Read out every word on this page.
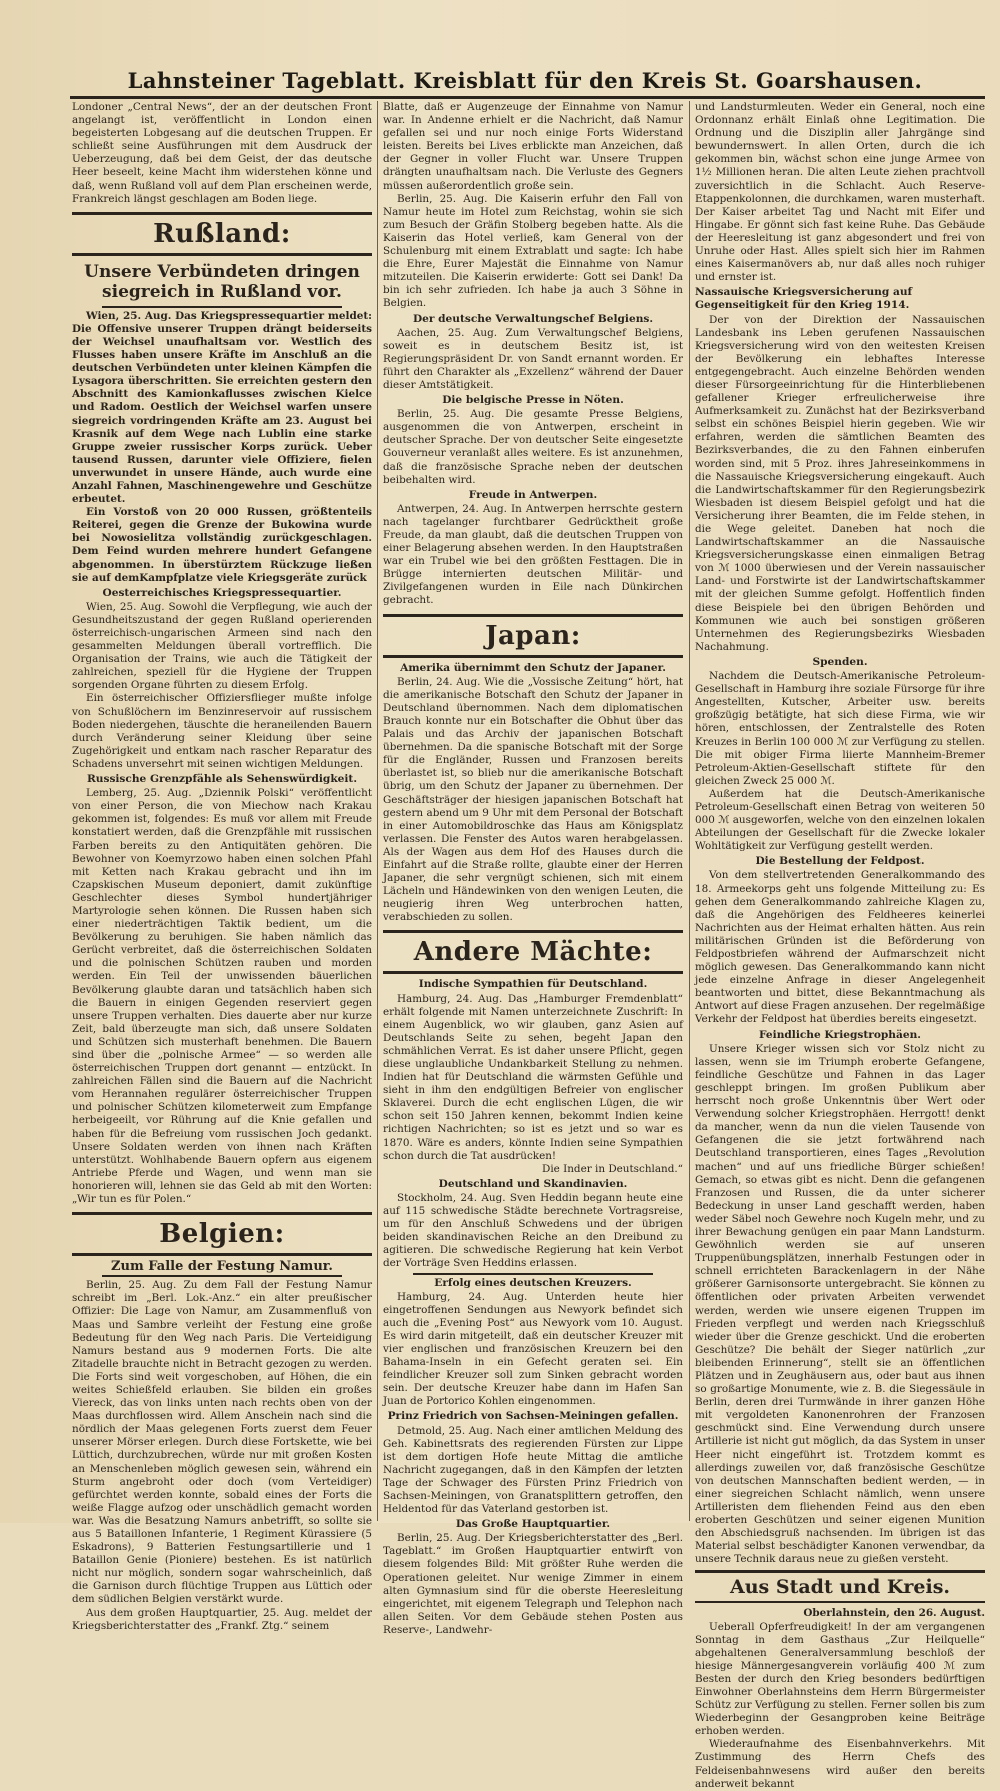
Lahnsteiner Tageblatt. Kreisblatt für den Kreis St. Goarshausen.

Londoner „Central News“, der an der deutschen Front angelangt ist, veröffentlicht in London einen begeisterten Lobgesang auf die deutschen Truppen. Er schließt seine Ausführungen mit dem Ausdruck der Ueberzeugung, daß bei dem Geist, der das deutsche Heer beseelt, keine Macht ihm widerstehen könne und daß, wenn Rußland voll auf dem Plan erscheinen werde, Frankreich längst geschlagen am Boden liege.

Rußland:
Unsere Verbündeten dringen siegreich in Rußland vor.

Wien, 25. Aug. Das Kriegspressequartier meldet: Die Offensive unserer Truppen drängt beiderseits der Weichsel unaufhaltsam vor. Westlich des Flusses haben unsere Kräfte im Anschluß an die deutschen Verbündeten unter kleinen Kämpfen die Lysagora überschritten. Sie erreichten gestern den Abschnitt des Kamionkaflusses zwischen Kielce und Radom. Oestlich der Weichsel warfen unsere siegreich vordringenden Kräfte am 23. August bei Krasnik auf dem Wege nach Lublin eine starke Gruppe zweier russischer Korps zurück. Ueber tausend Russen, darunter viele Offiziere, fielen unverwundet in unsere Hände, auch wurde eine Anzahl Fahnen, Maschinengewehre und Geschütze erbeutet.

Ein Vorstoß von 20 000 Russen, größtenteils Reiterei, gegen die Grenze der Bukowina wurde bei Nowosielitza vollständig zurückgeschlagen. Dem Feind wurden mehrere hundert Gefangene abgenommen. In überstürztem Rückzuge ließen sie auf demKampfplatze viele Kriegsgeräte zurück

Oesterreichisches Kriegspressequartier.

Wien, 25. Aug. Sowohl die Verpflegung, wie auch der Gesundheitszustand der gegen Rußland operierenden österreichisch-ungarischen Armeen sind nach den gesammelten Meldungen überall vortrefflich. Die Organisation der Trains, wie auch die Tätigkeit der zahlreichen, speziell für die Hygiene der Truppen sorgenden Organe führten zu diesem Erfolg.

Ein österreichischer Offiziersflieger mußte infolge von Schußlöchern im Benzinreservoir auf russischem Boden niedergehen, täuschte die heraneilenden Bauern durch Veränderung seiner Kleidung über seine Zugehörigkeit und entkam nach rascher Reparatur des Schadens unversehrt mit seinen wichtigen Meldungen.

Russische Grenzpfähle als Sehenswürdigkeit.

Lemberg, 25. Aug. „Dziennik Polski“ veröffentlicht von einer Person, die von Miechow nach Krakau gekommen ist, folgendes: Es muß vor allem mit Freude konstatiert werden, daß die Grenzpfähle mit russischen Farben bereits zu den Antiquitäten gehören. Die Bewohner von Koemyrzowo haben einen solchen Pfahl mit Ketten nach Krakau gebracht und ihn im Czapskischen Museum deponiert, damit zukünftige Geschlechter dieses Symbol hundertjähriger Martyrologie sehen können. Die Russen haben sich einer niederträchtigen Taktik bedient, um die Bevölkerung zu beruhigen. Sie haben nämlich das Gerücht verbreitet, daß die österreichischen Soldaten und die polnischen Schützen rauben und morden werden. Ein Teil der unwissenden bäuerlichen Bevölkerung glaubte daran und tatsächlich haben sich die Bauern in einigen Gegenden reserviert gegen unsere Truppen verhalten. Dies dauerte aber nur kurze Zeit, bald überzeugte man sich, daß unsere Soldaten und Schützen sich musterhaft benehmen. Die Bauern sind über die „polnische Armee“ — so werden alle österreichischen Truppen dort genannt — entzückt. In zahlreichen Fällen sind die Bauern auf die Nachricht vom Herannahen regulärer österreichischer Truppen und polnischer Schützen kilometerweit zum Empfange herbeigeeilt, vor Rührung auf die Knie gefallen und haben für die Befreiung vom russischen Joch gedankt. Unsere Soldaten werden von ihnen nach Kräften unterstützt. Wohlhabende Bauern opfern aus eigenem Antriebe Pferde und Wagen, und wenn man sie honorieren will, lehnen sie das Geld ab mit den Worten: „Wir tun es für Polen.“

Belgien:
Zum Falle der Festung Namur.

Berlin, 25. Aug. Zu dem Fall der Festung Namur schreibt im „Berl. Lok.-Anz.“ ein alter preußischer Offizier: Die Lage von Namur, am Zusammenfluß von Maas und Sambre verleiht der Festung eine große Bedeutung für den Weg nach Paris. Die Verteidigung Namurs bestand aus 9 modernen Forts. Die alte Zitadelle brauchte nicht in Betracht gezogen zu werden. Die Forts sind weit vorgeschoben, auf Höhen, die ein weites Schießfeld erlauben. Sie bilden ein großes Viereck, das von links unten nach rechts oben von der Maas durchflossen wird. Allem Anschein nach sind die nördlich der Maas gelegenen Forts zuerst dem Feuer unserer Mörser erlegen. Durch diese Fortskette, wie bei Lüttich, durchzubrechen, würde nur mit großen Kosten an Menschenleben möglich gewesen sein, während ein Sturm angebroht oder doch (vom Verteidiger) gefürchtet werden konnte, sobald eines der Forts die weiße Flagge aufzog oder unschädlich gemacht worden war. Was die Besatzung Namurs anbetrifft, so sollte sie aus 5 Bataillonen Infanterie, 1 Regiment Kürassiere (5 Eskadrons), 9 Batterien Festungsartillerie und 1 Bataillon Genie (Pioniere) bestehen. Es ist natürlich nicht nur möglich, sondern sogar wahrscheinlich, daß die Garnison durch flüchtige Truppen aus Lüttich oder dem südlichen Belgien verstärkt wurde.

Aus dem großen Hauptquartier, 25. Aug. meldet der Kriegsberichterstatter des „Frankf. Ztg.“ seinem

Blatte, daß er Augenzeuge der Einnahme von Namur war. In Andenne erhielt er die Nachricht, daß Namur gefallen sei und nur noch einige Forts Widerstand leisten. Bereits bei Lives erblickte man Anzeichen, daß der Gegner in voller Flucht war. Unsere Truppen drängten unaufhaltsam nach. Die Verluste des Gegners müssen außerordentlich große sein.

Berlin, 25. Aug. Die Kaiserin erfuhr den Fall von Namur heute im Hotel zum Reichstag, wohin sie sich zum Besuch der Gräfin Stolberg begeben hatte. Als die Kaiserin das Hotel verließ, kam General von der Schulenburg mit einem Extrablatt und sagte: Ich habe die Ehre, Eurer Majestät die Einnahme von Namur mitzuteilen. Die Kaiserin erwiderte: Gott sei Dank! Da bin ich sehr zufrieden. Ich habe ja auch 3 Söhne in Belgien.

Der deutsche Verwaltungschef Belgiens.

Aachen, 25. Aug. Zum Verwaltungschef Belgiens, soweit es in deutschem Besitz ist, ist Regierungspräsident Dr. von Sandt ernannt worden. Er führt den Charakter als „Exzellenz“ während der Dauer dieser Amtstätigkeit.

Die belgische Presse in Nöten.

Berlin, 25. Aug. Die gesamte Presse Belgiens, ausgenommen die von Antwerpen, erscheint in deutscher Sprache. Der von deutscher Seite eingesetzte Gouverneur veranlaßt alles weitere. Es ist anzunehmen, daß die französische Sprache neben der deutschen beibehalten wird.

Freude in Antwerpen.

Antwerpen, 24. Aug. In Antwerpen herrschte gestern nach tagelanger furchtbarer Gedrücktheit große Freude, da man glaubt, daß die deutschen Truppen von einer Belagerung absehen werden. In den Hauptstraßen war ein Trubel wie bei den größten Festtagen. Die in Brügge internierten deutschen Militär- und Zivilgefangenen wurden in Eile nach Dünkirchen gebracht.

Japan:
Amerika übernimmt den Schutz der Japaner.

Berlin, 24. Aug. Wie die „Vossische Zeitung“ hört, hat die amerikanische Botschaft den Schutz der Japaner in Deutschland übernommen. Nach dem diplomatischen Brauch konnte nur ein Botschafter die Obhut über das Palais und das Archiv der japanischen Botschaft übernehmen. Da die spanische Botschaft mit der Sorge für die Engländer, Russen und Franzosen bereits überlastet ist, so blieb nur die amerikanische Botschaft übrig, um den Schutz der Japaner zu übernehmen. Der Geschäftsträger der hiesigen japanischen Botschaft hat gestern abend um 9 Uhr mit dem Personal der Botschaft in einer Automobildroschke das Haus am Königsplatz verlassen. Die Fenster des Autos waren herabgelassen. Als der Wagen aus dem Hof des Hauses durch die Einfahrt auf die Straße rollte, glaubte einer der Herren Japaner, die sehr vergnügt schienen, sich mit einem Lächeln und Händewinken von den wenigen Leuten, die neugierig ihren Weg unterbrochen hatten, verabschieden zu sollen.

Andere Mächte:
Indische Sympathien für Deutschland.

Hamburg, 24. Aug. Das „Hamburger Fremdenblatt“ erhält folgende mit Namen unterzeichnete Zuschrift: In einem Augenblick, wo wir glauben, ganz Asien auf Deutschlands Seite zu sehen, begeht Japan den schmählichen Verrat. Es ist daher unsere Pflicht, gegen diese unglaubliche Undankbarkeit Stellung zu nehmen. Indien hat für Deutschland die wärmsten Gefühle und sieht in ihm den endgültigen Befreier von englischer Sklaverei. Durch die echt englischen Lügen, die wir schon seit 150 Jahren kennen, bekommt Indien keine richtigen Nachrichten; so ist es jetzt und so war es 1870. Wäre es anders, könnte Indien seine Sympathien schon durch die Tat ausdrücken!

Die Inder in Deutschland.“

Deutschland und Skandinavien.

Stockholm, 24. Aug. Sven Heddin begann heute eine auf 115 schwedische Städte berechnete Vortragsreise, um für den Anschluß Schwedens und der übrigen beiden skandinavischen Reiche an den Dreibund zu agitieren. Die schwedische Regierung hat kein Verbot der Vorträge Sven Heddins erlassen.

Erfolg eines deutschen Kreuzers.

Hamburg, 24. Aug. Unterden heute hier eingetroffenen Sendungen aus Newyork befindet sich auch die „Evening Post“ aus Newyork vom 10. August. Es wird darin mitgeteilt, daß ein deutscher Kreuzer mit vier englischen und französischen Kreuzern bei den Bahama-Inseln in ein Gefecht geraten sei. Ein feindlicher Kreuzer soll zum Sinken gebracht worden sein. Der deutsche Kreuzer habe dann im Hafen San Juan de Portorico Kohlen eingenommen.

Prinz Friedrich von Sachsen-Meiningen gefallen.

Detmold, 25. Aug. Nach einer amtlichen Meldung des Geh. Kabinettsrats des regierenden Fürsten zur Lippe ist dem dortigen Hofe heute Mittag die amtliche Nachricht zugegangen, daß in den Kämpfen der letzten Tage der Schwager des Fürsten Prinz Friedrich von Sachsen-Meiningen, von Granatsplittern getroffen, den Heldentod für das Vaterland gestorben ist.

Das Große Hauptquartier.

Berlin, 25. Aug. Der Kriegsberichterstatter des „Berl. Tageblatt.“ im Großen Hauptquartier entwirft von diesem folgendes Bild: Mit größter Ruhe werden die Operationen geleitet. Nur wenige Zimmer in einem alten Gymnasium sind für die oberste Heeresleitung eingerichtet, mit eigenem Telegraph und Telephon nach allen Seiten. Vor dem Gebäude stehen Posten aus Reserve-, Landwehr-

und Landsturmleuten. Weder ein General, noch eine Ordonnanz erhält Einlaß ohne Legitimation. Die Ordnung und die Disziplin aller Jahrgänge sind bewundernswert. In allen Orten, durch die ich gekommen bin, wächst schon eine junge Armee von 1½ Millionen heran. Die alten Leute ziehen prachtvoll zuversichtlich in die Schlacht. Auch Reserve-Etappenkolonnen, die durchkamen, waren musterhaft. Der Kaiser arbeitet Tag und Nacht mit Eifer und Hingabe. Er gönnt sich fast keine Ruhe. Das Gebäude der Heeresleitung ist ganz abgesondert und frei von Unruhe oder Hast. Alles spielt sich hier im Rahmen eines Kaisermanövers ab, nur daß alles noch ruhiger und ernster ist.

Nassauische Kriegsversicherung auf Gegenseitigkeit für den Krieg 1914.

Der von der Direktion der Nassauischen Landesbank ins Leben gerufenen Nassauischen Kriegsversicherung wird von den weitesten Kreisen der Bevölkerung ein lebhaftes Interesse entgegengebracht. Auch einzelne Behörden wenden dieser Fürsorgeeinrichtung für die Hinterbliebenen gefallener Krieger erfreulicherweise ihre Aufmerksamkeit zu. Zunächst hat der Bezirksverband selbst ein schönes Beispiel hierin gegeben. Wie wir erfahren, werden die sämtlichen Beamten des Bezirksverbandes, die zu den Fahnen einberufen worden sind, mit 5 Proz. ihres Jahreseinkommens in die Nassauische Kriegsversicherung eingekauft. Auch die Landwirtschaftskammer für den Regierungsbezirk Wiesbaden ist diesem Beispiel gefolgt und hat die Versicherung ihrer Beamten, die im Felde stehen, in die Wege geleitet. Daneben hat noch die Landwirtschaftskammer an die Nassauische Kriegsversicherungskasse einen einmaligen Betrag von ℳ 1000 überwiesen und der Verein nassauischer Land- und Forstwirte ist der Landwirtschaftskammer mit der gleichen Summe gefolgt. Hoffentlich finden diese Beispiele bei den übrigen Behörden und Kommunen wie auch bei sonstigen größeren Unternehmen des Regierungsbezirks Wiesbaden Nachahmung.

Spenden.

Nachdem die Deutsch-Amerikanische Petroleum-Gesellschaft in Hamburg ihre soziale Fürsorge für ihre Angestellten, Kutscher, Arbeiter usw. bereits großzügig betätigte, hat sich diese Firma, wie wir hören, entschlossen, der Zentralstelle des Roten Kreuzes in Berlin 100 000 ℳ zur Verfügung zu stellen. Die mit obiger Firma liierte Mannheim-Bremer Petroleum-Aktien-Gesellschaft stiftete für den gleichen Zweck 25 000 ℳ.

Außerdem hat die Deutsch-Amerikanische Petroleum-Gesellschaft einen Betrag von weiteren 50 000 ℳ ausgeworfen, welche von den einzelnen lokalen Abteilungen der Gesellschaft für die Zwecke lokaler Wohltätigkeit zur Verfügung gestellt werden.

Die Bestellung der Feldpost.

Von dem stellvertretenden Generalkommando des 18. Armeekorps geht uns folgende Mitteilung zu: Es gehen dem Generalkommando zahlreiche Klagen zu, daß die Angehörigen des Feldheeres keinerlei Nachrichten aus der Heimat erhalten hätten. Aus rein militärischen Gründen ist die Beförderung von Feldpostbriefen während der Aufmarschzeit nicht möglich gewesen. Das Generalkommando kann nicht jede einzelne Anfrage in dieser Angelegenheit beantworten und bittet, diese Bekanntmachung als Antwort auf diese Fragen anzusehen. Der regelmäßige Verkehr der Feldpost hat überdies bereits eingesetzt.

Feindliche Kriegstrophäen.

Unsere Krieger wissen sich vor Stolz nicht zu lassen, wenn sie im Triumph eroberte Gefangene, feindliche Geschütze und Fahnen in das Lager geschleppt bringen. Im großen Publikum aber herrscht noch große Unkenntnis über Wert oder Verwendung solcher Kriegstrophäen. Herrgott! denkt da mancher, wenn da nun die vielen Tausende von Gefangenen die sie jetzt fortwährend nach Deutschland transportieren, eines Tages „Revolution machen“ und auf uns friedliche Bürger schießen! Gemach, so etwas gibt es nicht. Denn die gefangenen Franzosen und Russen, die da unter sicherer Bedeckung in unser Land geschafft werden, haben weder Säbel noch Gewehre noch Kugeln mehr, und zu ihrer Bewachung genügen ein paar Mann Landsturm. Gewöhnlich werden sie auf unseren Truppenübungsplätzen, innerhalb Festungen oder in schnell errichteten Barackenlagern in der Nähe größerer Garnisonsorte untergebracht. Sie können zu öffentlichen oder privaten Arbeiten verwendet werden, werden wie unsere eigenen Truppen im Frieden verpflegt und werden nach Kriegsschluß wieder über die Grenze geschickt. Und die eroberten Geschütze? Die behält der Sieger natürlich „zur bleibenden Erinnerung“, stellt sie an öffentlichen Plätzen und in Zeughäusern aus, oder baut aus ihnen so großartige Monumente, wie z. B. die Siegessäule in Berlin, deren drei Turmwände in ihrer ganzen Höhe mit vergoldeten Kanonenrohren der Franzosen geschmückt sind. Eine Verwendung durch unsere Artillerie ist nicht gut möglich, da das System in unser Heer nicht eingeführt ist. Trotzdem kommt es allerdings zuweilen vor, daß französische Geschütze von deutschen Mannschaften bedient werden, — in einer siegreichen Schlacht nämlich, wenn unsere Artilleristen dem fliehenden Feind aus den eben eroberten Geschützen und seiner eigenen Munition den Abschiedsgruß nachsenden. Im übrigen ist das Material selbst beschädigter Kanonen verwendbar, da unsere Technik daraus neue zu gießen versteht.

Aus Stadt und Kreis.

Oberlahnstein, den 26. August.

Ueberall Opferfreudigkeit! In der am vergangenen Sonntag in dem Gasthaus „Zur Heilquelle“ abgehaltenen Generalversammlung beschloß der hiesige Männergesangverein vorläufig 400 ℳ zum Besten der durch den Krieg besonders bedürftigen Einwohner Oberlahnsteins dem Herrn Bürgermeister Schütz zur Verfügung zu stellen. Ferner sollen bis zum Wiederbeginn der Gesangproben keine Beiträge erhoben werden.

Wiederaufnahme des Eisenbahnverkehrs. Mit Zustimmung des Herrn Chefs des Feldeisenbahnwesens wird außer den bereits anderweit bekannt
